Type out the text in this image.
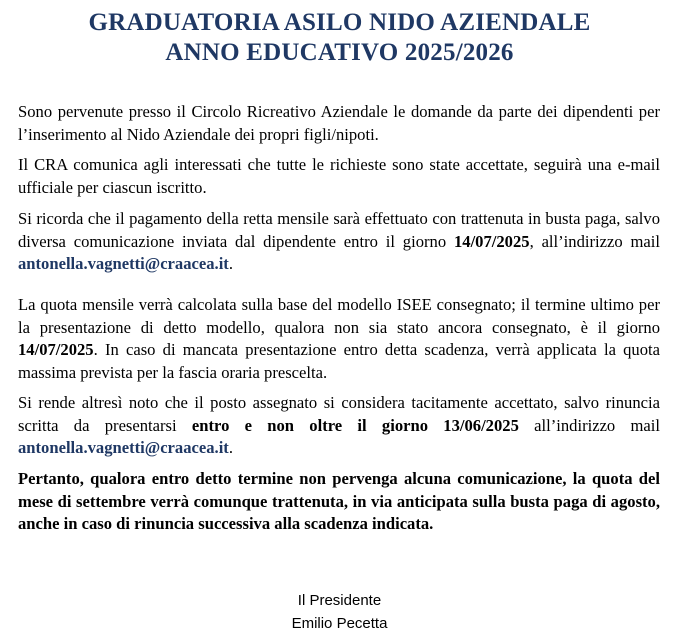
GRADUATORIA ASILO NIDO AZIENDALE
ANNO EDUCATIVO 2025/2026
Sono pervenute presso il Circolo Ricreativo Aziendale le domande da parte dei dipendenti per l’inserimento al Nido Aziendale dei propri figli/nipoti.
Il CRA comunica agli interessati che tutte le richieste sono state accettate, seguirà una e-mail ufficiale per ciascun iscritto.
Si ricorda che il pagamento della retta mensile sarà effettuato con trattenuta in busta paga, salvo diversa comunicazione inviata dal dipendente entro il giorno 14/07/2025, all’indirizzo mail antonella.vagnetti@craacea.it.
La quota mensile verrà calcolata sulla base del modello ISEE consegnato; il termine ultimo per la presentazione di detto modello, qualora non sia stato ancora consegnato, è il giorno 14/07/2025. In caso di mancata presentazione entro detta scadenza, verrà applicata la quota massima prevista per la fascia oraria prescelta.
Si rende altresì noto che il posto assegnato si considera tacitamente accettato, salvo rinuncia scritta da presentarsi entro e non oltre il giorno 13/06/2025 all’indirizzo mail antonella.vagnetti@craacea.it.
Pertanto, qualora entro detto termine non pervenga alcuna comunicazione, la quota del mese di settembre verrà comunque trattenuta, in via anticipata sulla busta paga di agosto, anche in caso di rinuncia successiva alla scadenza indicata.
Il Presidente
Emilio Pecetta
